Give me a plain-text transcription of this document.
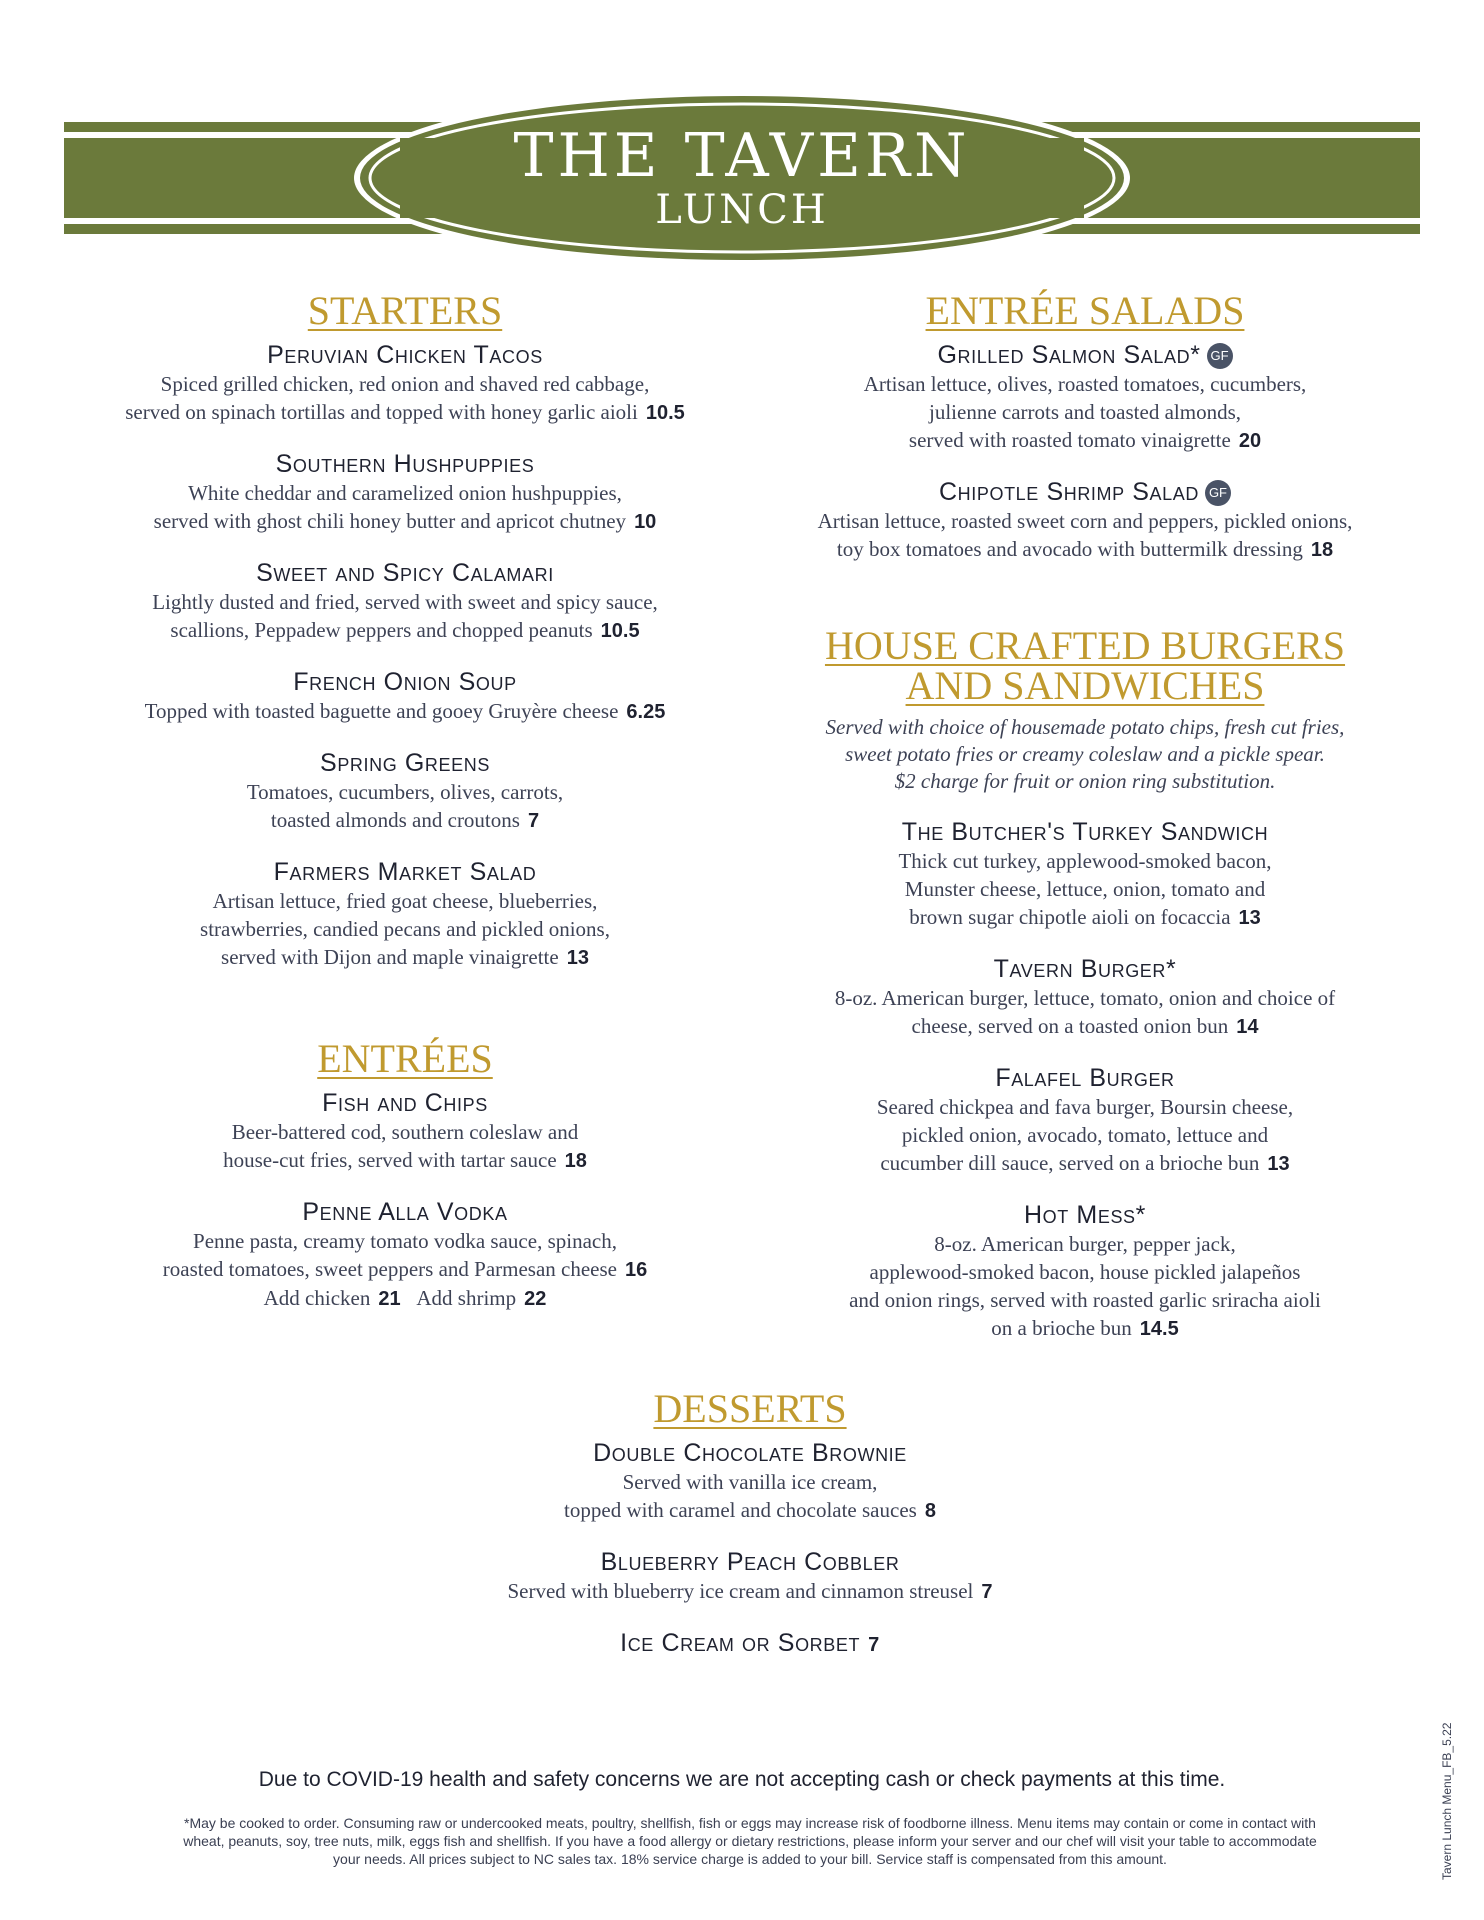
THE TAVERN
LUNCH
STARTERS
Peruvian Chicken Tacos
Spiced grilled chicken, red onion and shaved red cabbage,
served on spinach tortillas and topped with honey garlic aioli 10.5
Southern Hushpuppies
White cheddar and caramelized onion hushpuppies,
served with ghost chili honey butter and apricot chutney 10
Sweet and Spicy Calamari
Lightly dusted and fried, served with sweet and spicy sauce,
scallions, Peppadew peppers and chopped peanuts 10.5
French Onion Soup
Topped with toasted baguette and gooey Gruyère cheese 6.25
Spring Greens
Tomatoes, cucumbers, olives, carrots,
toasted almonds and croutons 7
Farmers Market Salad
Artisan lettuce, fried goat cheese, blueberries,
strawberries, candied pecans and pickled onions,
served with Dijon and maple vinaigrette 13
ENTRÉES
Fish and Chips
Beer-battered cod, southern coleslaw and
house-cut fries, served with tartar sauce 18
Penne Alla Vodka
Penne pasta, creamy tomato vodka sauce, spinach,
roasted tomatoes, sweet peppers and Parmesan cheese 16
Add chicken 21 Add shrimp 22
ENTRÉE SALADS
Grilled Salmon Salad* GF
Artisan lettuce, olives, roasted tomatoes, cucumbers,
julienne carrots and toasted almonds,
served with roasted tomato vinaigrette 20
Chipotle Shrimp Salad GF
Artisan lettuce, roasted sweet corn and peppers, pickled onions,
toy box tomatoes and avocado with buttermilk dressing 18
HOUSE CRAFTED BURGERS
AND SANDWICHES
Served with choice of housemade potato chips, fresh cut fries,
sweet potato fries or creamy coleslaw and a pickle spear.
$2 charge for fruit or onion ring substitution.
The Butcher's Turkey Sandwich
Thick cut turkey, applewood-smoked bacon,
Munster cheese, lettuce, onion, tomato and
brown sugar chipotle aioli on focaccia 13
Tavern Burger*
8-oz. American burger, lettuce, tomato, onion and choice of
cheese, served on a toasted onion bun 14
Falafel Burger
Seared chickpea and fava burger, Boursin cheese,
pickled onion, avocado, tomato, lettuce and
cucumber dill sauce, served on a brioche bun 13
Hot Mess*
8-oz. American burger, pepper jack,
applewood-smoked bacon, house pickled jalapeños
and onion rings, served with roasted garlic sriracha aioli
on a brioche bun 14.5
DESSERTS
Double Chocolate Brownie
Served with vanilla ice cream,
topped with caramel and chocolate sauces 8
Blueberry Peach Cobbler
Served with blueberry ice cream and cinnamon streusel 7
Ice Cream or Sorbet 7
Due to COVID-19 health and safety concerns we are not accepting cash or check payments at this time.
*May be cooked to order. Consuming raw or undercooked meats, poultry, shellfish, fish or eggs may increase risk of foodborne illness. Menu items may contain or come in contact with
wheat, peanuts, soy, tree nuts, milk, eggs fish and shellfish. If you have a food allergy or dietary restrictions, please inform your server and our chef will visit your table to accommodate
your needs. All prices subject to NC sales tax. 18% service charge is added to your bill. Service staff is compensated from this amount.	Tavern Lunch Menu_FB_5.22
